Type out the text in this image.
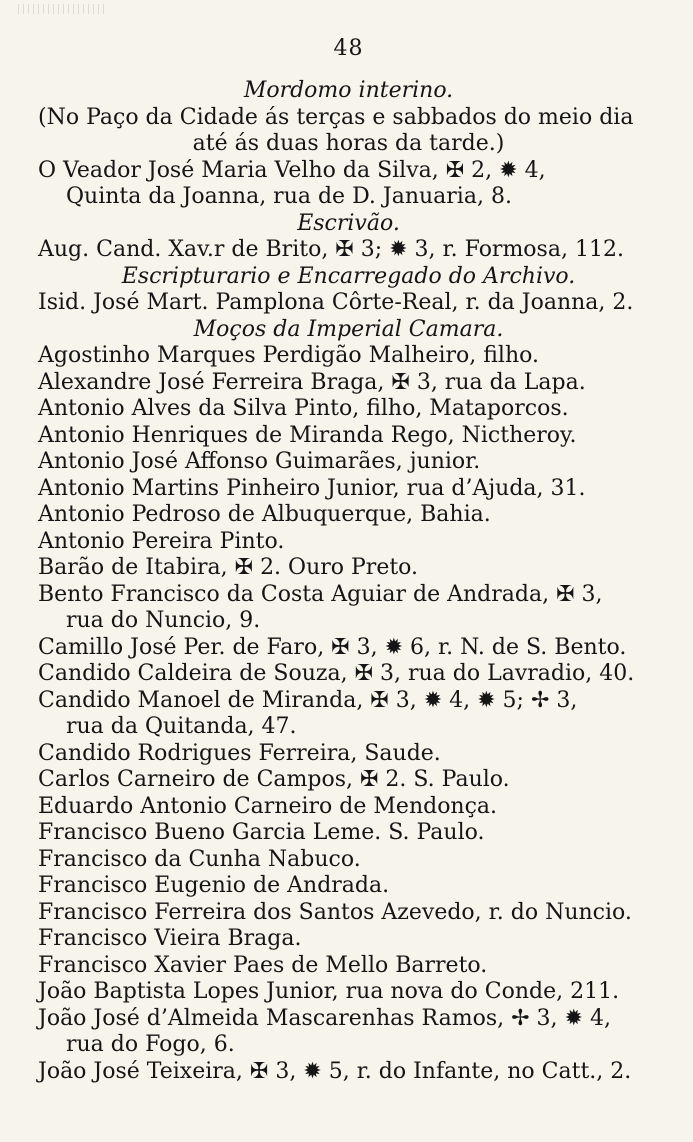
48
Mordomo interino.
(No Paço da Cidade ás terças e sabbados do meio dia
até ás duas horas da tarde.)
O Veador José Maria Velho da Silva, ✠ 2, ✹ 4,
Quinta da Joanna, rua de D. Januaria, 8.
Escrivão.
Aug. Cand. Xav.r de Brito, ✠ 3; ✹ 3, r. Formosa, 112.
Escripturario e Encarregado do Archivo.
Isid. José Mart. Pamplona Côrte-Real, r. da Joanna, 2.
Moços da Imperial Camara.
Agostinho Marques Perdigão Malheiro, filho.
Alexandre José Ferreira Braga, ✠ 3, rua da Lapa.
Antonio Alves da Silva Pinto, filho, Mataporcos.
Antonio Henriques de Miranda Rego, Nictheroy.
Antonio José Affonso Guimarães, junior.
Antonio Martins Pinheiro Junior, rua d’Ajuda, 31.
Antonio Pedroso de Albuquerque, Bahia.
Antonio Pereira Pinto.
Barão de Itabira, ✠ 2. Ouro Preto.
Bento Francisco da Costa Aguiar de Andrada, ✠ 3,
rua do Nuncio, 9.
Camillo José Per. de Faro, ✠ 3, ✹ 6, r. N. de S. Bento.
Candido Caldeira de Souza, ✠ 3, rua do Lavradio, 40.
Candido Manoel de Miranda, ✠ 3, ✹ 4, ✹ 5; ✢ 3,
rua da Quitanda, 47.
Candido Rodrigues Ferreira, Saude.
Carlos Carneiro de Campos, ✠ 2. S. Paulo.
Eduardo Antonio Carneiro de Mendonça.
Francisco Bueno Garcia Leme. S. Paulo.
Francisco da Cunha Nabuco.
Francisco Eugenio de Andrada.
Francisco Ferreira dos Santos Azevedo, r. do Nuncio.
Francisco Vieira Braga.
Francisco Xavier Paes de Mello Barreto.
João Baptista Lopes Junior, rua nova do Conde, 211.
João José d’Almeida Mascarenhas Ramos, ✢ 3, ✹ 4,
rua do Fogo, 6.
João José Teixeira, ✠ 3, ✹ 5, r. do Infante, no Catt., 2.
